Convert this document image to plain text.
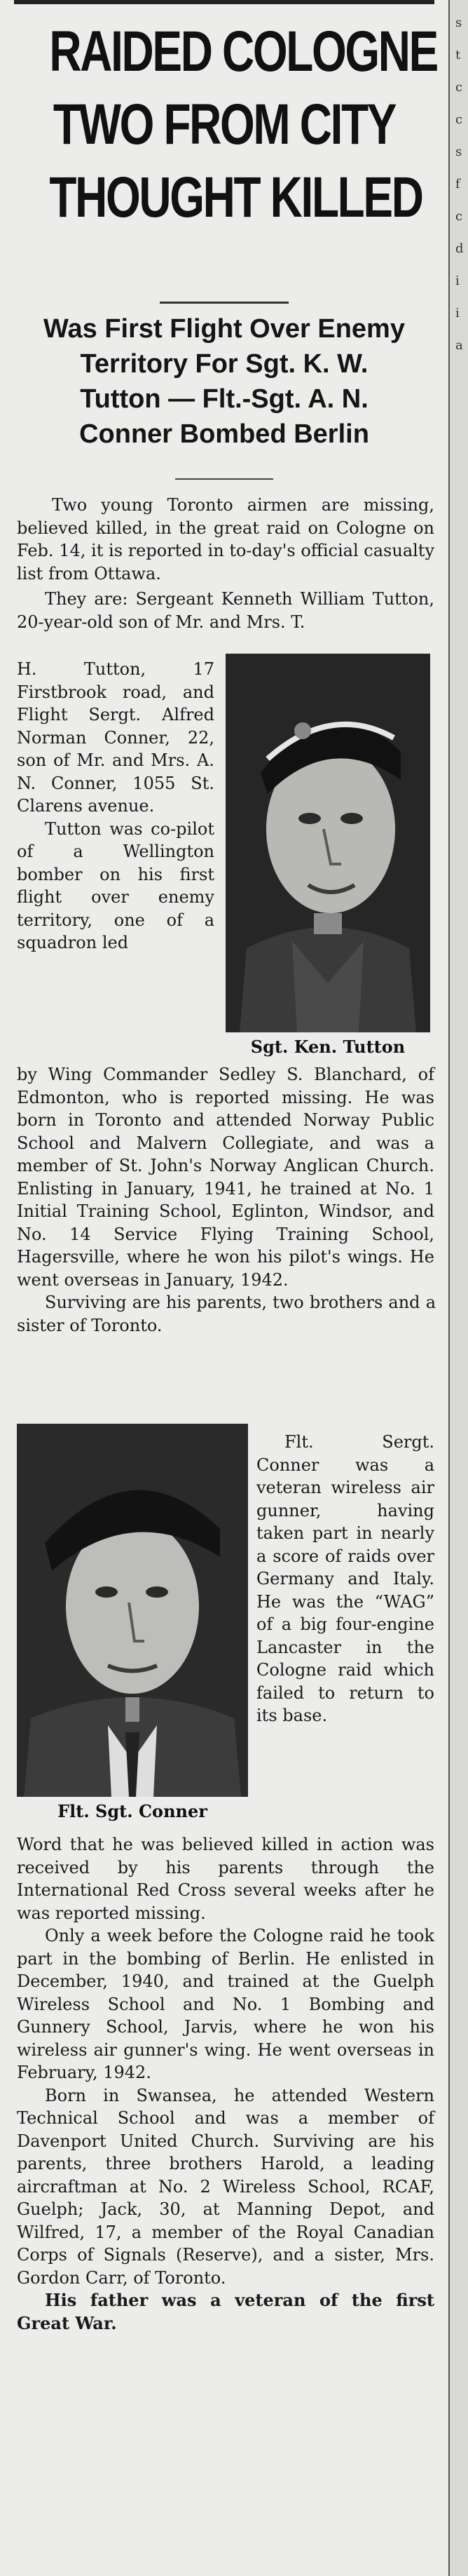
RAIDED COLOGNE
TWO FROM CITY
THOUGHT KILLED
Was First Flight Over Enemy
Territory For Sgt. K. W.
Tutton — Flt.-Sgt. A. N.
Conner Bombed Berlin
Two young Toronto airmen are missing, believed killed, in the great raid on Cologne on Feb. 14, it is reported in to-day's official casualty list from Ottawa.

They are: Sergeant Kenneth William Tutton, 20-year-old son of Mr. and Mrs. T.

H. Tutton, 17 Firstbrook road, and Flight Sergt. Alfred Norman Conner, 22, son of Mr. and Mrs. A. N. Conner, 1055 St. Clarens avenue.

Tutton was co-pilot of a Wellington bomber on his first flight over enemy territory, one of a squadron led

Sgt. Ken. Tutton

by Wing Commander Sedley S. Blanchard, of Edmonton, who is reported missing. He was born in Toronto and attended Norway Public School and Malvern Collegiate, and was a member of St. John's Norway Anglican Church. Enlisting in January, 1941, he trained at No. 1 Initial Training School, Eglinton, Windsor, and No. 14 Service Flying Training School, Hagersville, where he won his pilot's wings. He went overseas in January, 1942.

Surviving are his parents, two brothers and a sister of Toronto.

Flt. Sgt. Conner

Flt. Sergt. Conner was a veteran wireless air gunner, having taken part in nearly a score of raids over Germany and Italy. He was the “WAG” of a big four-engine Lancaster in the Cologne raid which failed to return to its base.

Word that he was believed killed in action was received by his parents through the International Red Cross several weeks after he was reported missing.

Only a week before the Cologne raid he took part in the bombing of Berlin. He enlisted in December, 1940, and trained at the Guelph Wireless School and No. 1 Bombing and Gunnery School, Jarvis, where he won his wireless air gunner's wing. He went overseas in February, 1942.

Born in Swansea, he attended Western Technical School and was a member of Davenport United Church. Surviving are his parents, three brothers Harold, a leading aircraftman at No. 2 Wireless School, RCAF, Guelph; Jack, 30, at Manning Depot, and Wilfred, 17, a member of the Royal Canadian Corps of Signals (Reserve), and a sister, Mrs. Gordon Carr, of Toronto.

His father was a veteran of the first Great War.

s
t
c
c
s
f
c
d
i
i
a
